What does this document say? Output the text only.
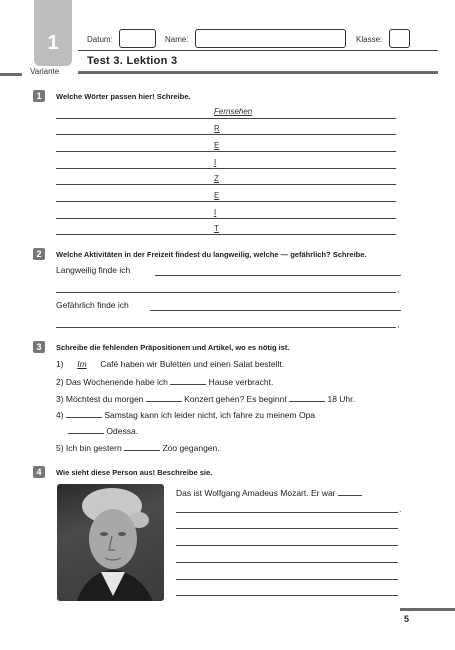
1
Variante
Datum:	Name:	Klasse:
Test 3. Lektion 3
1	Welche Wörter passen hier! Schreibe.
Fernsehen
R
E
I
Z
E
I
T
2	Welche Aktivitäten in der Freizeit findest du langweilig, welche — gefährlich? Schreibe.
Langweilig finde ich
,
Gefährlich finde ich
,
3	Schreibe die fehlenden Präpositionen und Artikel, wo es nötig ist.
1) Im Café haben wir Buletten und einen Salat bestellt.
2) Das Wochenende habe ich	Hause verbracht.
3) Möchtest du morgen	Konzert gehen? Es beginnt	18 Uhr.
4)	Samstag kann ich leider nicht, ich fahre zu meinem Opa
Odessa.
5) Ich bin gestern	Zoo gegangen.
4	Wie sieht diese Person aus! Beschreibe sie.
Das ist Wolfgang Amadeus Mozart. Er war
.
5
